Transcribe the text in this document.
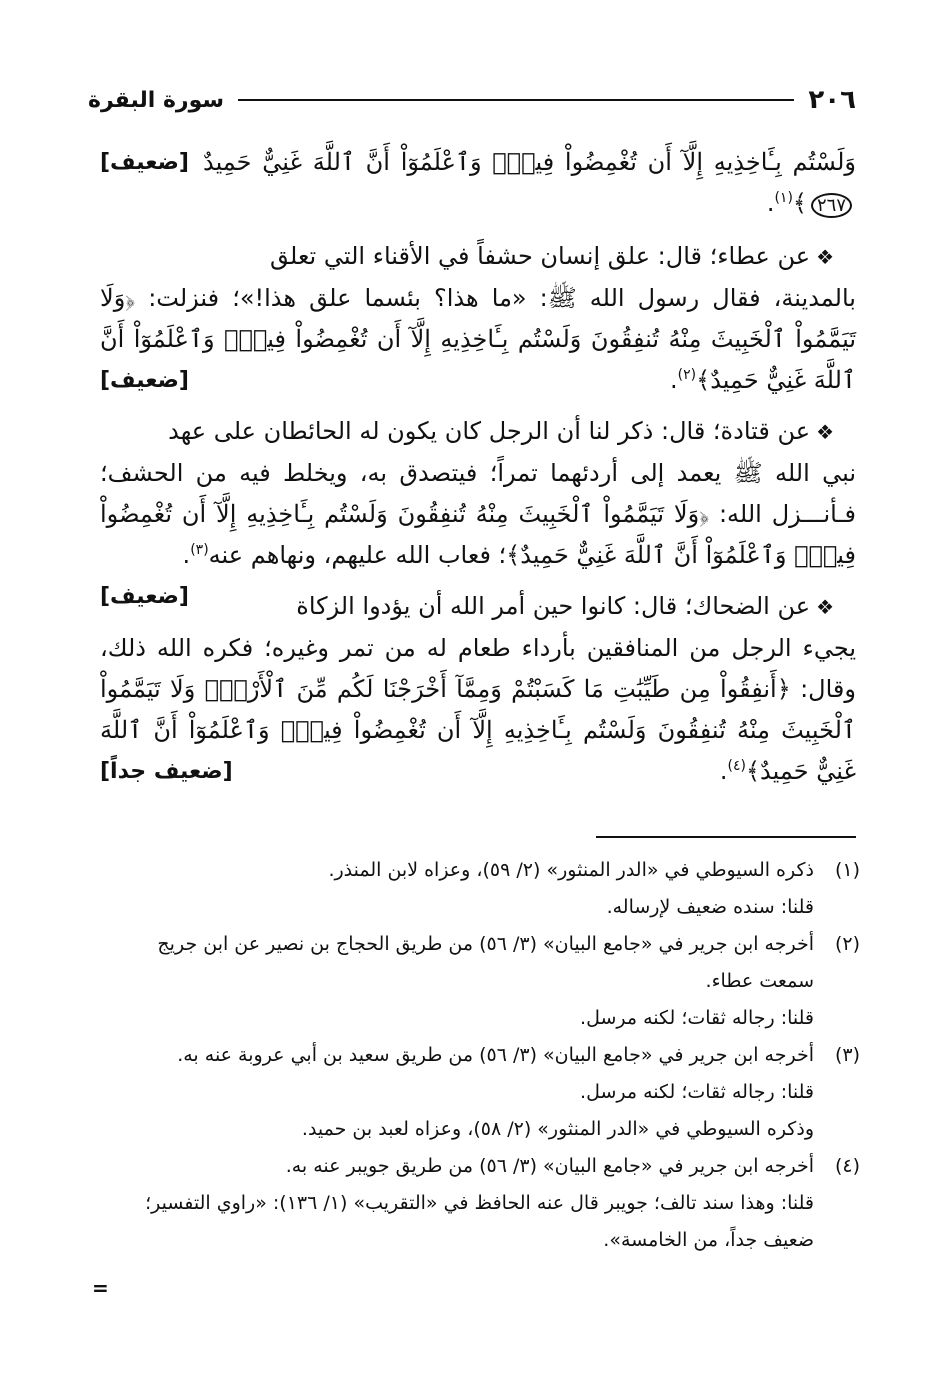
٢٠٦
سورة البقرة

[ضعيف] وَلَسْتُم بِـَٔاخِذِيهِ إِلَّآ أَن تُغْمِضُواْ فِيهِۚ وَٱعْلَمُوٓاْ أَنَّ ٱللَّهَ غَنِيٌّ حَمِيدٌ ٢٦٧﴾$^{(١)}$.

❖عن عطاء؛ قال: علق إنسان حشفاً في الأقناء التي تعلق
بالمدينة، فقال رسول الله ﷺ: «ما هذا؟ بئسما علق هذا!»؛ فنزلت: ﴿وَلَا تَيَمَّمُواْ ٱلْخَبِيثَ مِنْهُ تُنفِقُونَ وَلَسْتُم بِـَٔاخِذِيهِ إِلَّآ أَن تُغْمِضُواْ فِيهِۚ وَٱعْلَمُوٓاْ أَنَّ ٱللَّهَ غَنِيٌّ حَمِيدٌ﴾$^{(٢)}$.
[ضعيف]

❖عن قتادة؛ قال: ذكر لنا أن الرجل كان يكون له الحائطان على عهد
نبي الله ﷺ يعمد إلى أردئهما تمراً؛ فيتصدق به، ويخلط فيه من الحشف؛ فـأنـــزل الله: ﴿وَلَا تَيَمَّمُواْ ٱلْخَبِيثَ مِنْهُ تُنفِقُونَ وَلَسْتُم بِـَٔاخِذِيهِ إِلَّآ أَن تُغْمِضُواْ فِيهِۚ وَٱعْلَمُوٓاْ أَنَّ ٱللَّهَ غَنِيٌّ حَمِيدٌ﴾؛ فعاب الله عليهم، ونهاهم عنه$^{(٣)}$.
[ضعيف]	❖عن الضحاك؛ قال: كانوا حين أمر الله أن يؤدوا الزكاة
يجيء الرجل من المنافقين بأرداء طعام له من تمر وغيره؛ فكره الله ذلك، وقال: ﴿أَنفِقُواْ مِن طَيِّبَٰتِ مَا كَسَبْتُمْ وَمِمَّآ أَخْرَجْنَا لَكُم مِّنَ ٱلْأَرْضِۖ وَلَا تَيَمَّمُواْ ٱلْخَبِيثَ مِنْهُ تُنفِقُونَ وَلَسْتُم بِـَٔاخِذِيهِ إِلَّآ أَن تُغْمِضُواْ فِيهِۚ وَٱعْلَمُوٓاْ أَنَّ ٱللَّهَ غَنِيٌّ حَمِيدٌ﴾$^{(٤)}$.
[ضعيف جداً]

(١)
ذكره السيوطي في «الدر المنثور» (٢/ ٥٩)، وعزاه لابن المنذر.
قلنا: سنده ضعيف لإرساله.
(٢)
أخرجه ابن جرير في «جامع البيان» (٣/ ٥٦) من طريق الحجاج بن نصير عن ابن جريج سمعت عطاء.
قلنا: رجاله ثقات؛ لكنه مرسل.
(٣)
أخرجه ابن جرير في «جامع البيان» (٣/ ٥٦) من طريق سعيد بن أبي عروبة عنه به.
قلنا: رجاله ثقات؛ لكنه مرسل.
وذكره السيوطي في «الدر المنثور» (٢/ ٥٨)، وعزاه لعبد بن حميد.
(٤)
أخرجه ابن جرير في «جامع البيان» (٣/ ٥٦) من طريق جويبر عنه به.
قلنا: وهذا سند تالف؛ جويبر قال عنه الحافظ في «التقريب» (١/ ١٣٦): «راوي التفسير؛ ضعيف جداً، من الخامسة».
=
